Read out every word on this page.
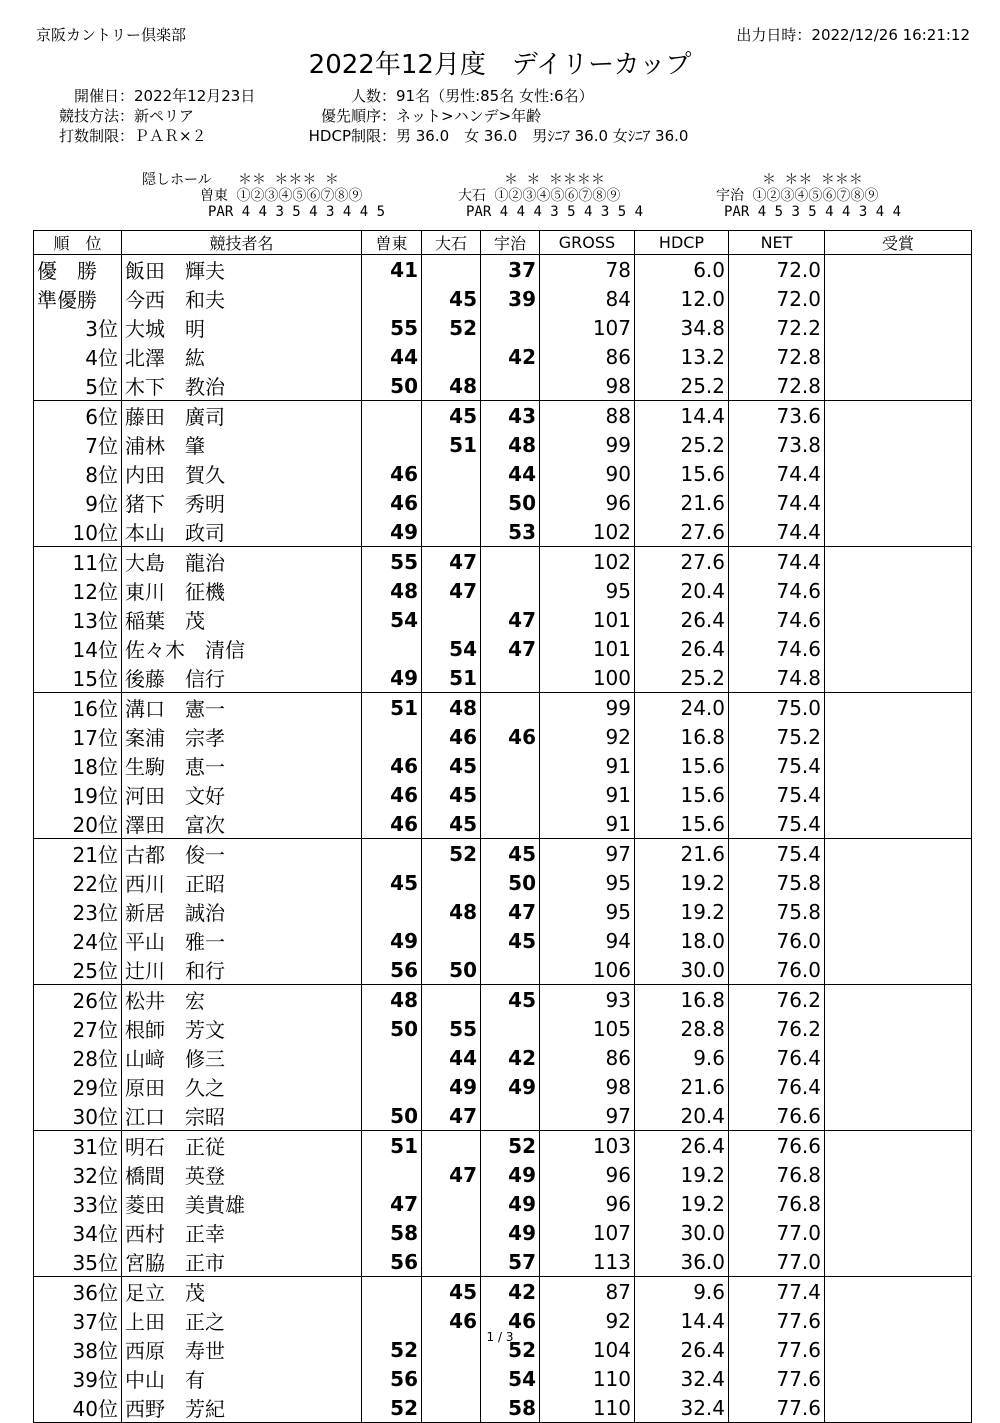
京阪カントリー倶楽部	出力日時：2022/12/26 16:21:12
2022年12月度　デイリーカップ
開催日：2022年12月23日
競技方法：新ペリア
打数制限：ＰＡＲ×２
人数：91名（男性:85名 女性:6名）
優先順序：ネット>ハンデ>年齢
HDCP制限：男 36.0　女 36.0　男ｼﾆｱ 36.0 女ｼﾆｱ 36.0
隠しホール	＊＊ ＊＊＊ ＊
曽東 ①②③④⑤⑥⑦⑧⑨
PAR 4 4 3 5 4 3 4 4 5
＊ ＊ ＊＊＊＊
大石 ①②③④⑤⑥⑦⑧⑨
PAR 4 4 4 3 5 4 3 5 4
＊ ＊＊ ＊＊＊
宇治 ①②③④⑤⑥⑦⑧⑨
PAR 4 5 3 5 4 4 3 4 4
順　位	競技者名	曽東	大石	宇治	GROSS	HDCP	NET	受賞
優　勝	飯田　輝夫	41		37	78	6.0	72.0	
準優勝	今西　和夫		45	39	84	12.0	72.0	
3位	大城　明	55	52		107	34.8	72.2	
4位	北澤　紘	44		42	86	13.2	72.8	
5位	木下　教治	50	48		98	25.2	72.8	
6位	藤田　廣司		45	43	88	14.4	73.6	
7位	浦林　肇		51	48	99	25.2	73.8	
8位	内田　賀久	46		44	90	15.6	74.4	
9位	猪下　秀明	46		50	96	21.6	74.4	
10位	本山　政司	49		53	102	27.6	74.4	
11位	大島　龍治	55	47		102	27.6	74.4	
12位	東川　征機	48	47		95	20.4	74.6	
13位	稲葉　茂	54		47	101	26.4	74.6	
14位	佐々木　清信		54	47	101	26.4	74.6	
15位	後藤　信行	49	51		100	25.2	74.8	
16位	溝口　憲一	51	48		99	24.0	75.0	
17位	案浦　宗孝		46	46	92	16.8	75.2	
18位	生駒　恵一	46	45		91	15.6	75.4	
19位	河田　文好	46	45		91	15.6	75.4	
20位	澤田　富次	46	45		91	15.6	75.4	
21位	古都　俊一		52	45	97	21.6	75.4	
22位	西川　正昭	45		50	95	19.2	75.8	
23位	新居　誠治		48	47	95	19.2	75.8	
24位	平山　雅一	49		45	94	18.0	76.0	
25位	辻川　和行	56	50		106	30.0	76.0	
26位	松井　宏	48		45	93	16.8	76.2	
27位	根師　芳文	50	55		105	28.8	76.2	
28位	山﨑　修三		44	42	86	9.6	76.4	
29位	原田　久之		49	49	98	21.6	76.4	
30位	江口　宗昭	50	47		97	20.4	76.6	
31位	明石　正従	51		52	103	26.4	76.6	
32位	橋間　英登		47	49	96	19.2	76.8	
33位	菱田　美貴雄	47		49	96	19.2	76.8	
34位	西村　正幸	58		49	107	30.0	77.0	
35位	宮脇　正市	56		57	113	36.0	77.0	
36位	足立　茂		45	42	87	9.6	77.4	
37位	上田　正之		46	46	92	14.4	77.6	
38位	西原　寿世	52		52	104	26.4	77.6	
39位	中山　有	56		54	110	32.4	77.6	
40位	西野　芳紀	52		58	110	32.4	77.6	
1 / 3
